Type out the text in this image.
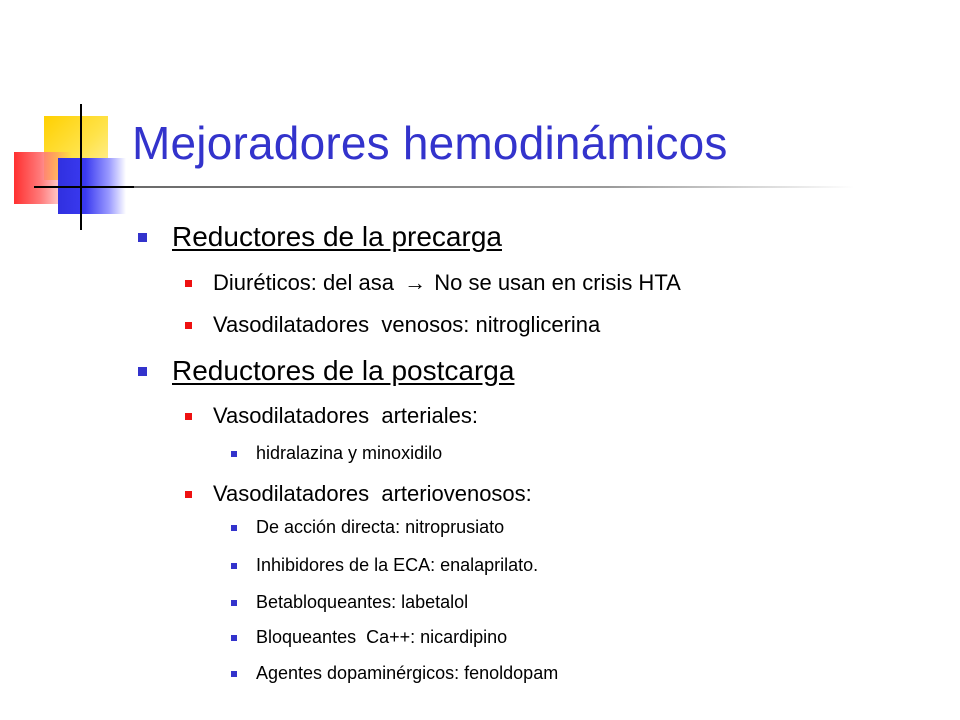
Mejoradores hemodinámicos
Reductores de la precarga
Diuréticos: del asa → No se usan en crisis HTA
Vasodilatadores  venosos: nitroglicerina
Reductores de la postcarga
Vasodilatadores  arteriales:
hidralazina y minoxidilo
Vasodilatadores  arteriovenosos:
De acción directa: nitroprusiato
Inhibidores de la ECA: enalaprilato.
Betabloqueantes: labetalol
Bloqueantes  Ca++: nicardipino
Agentes dopaminérgicos: fenoldopam
